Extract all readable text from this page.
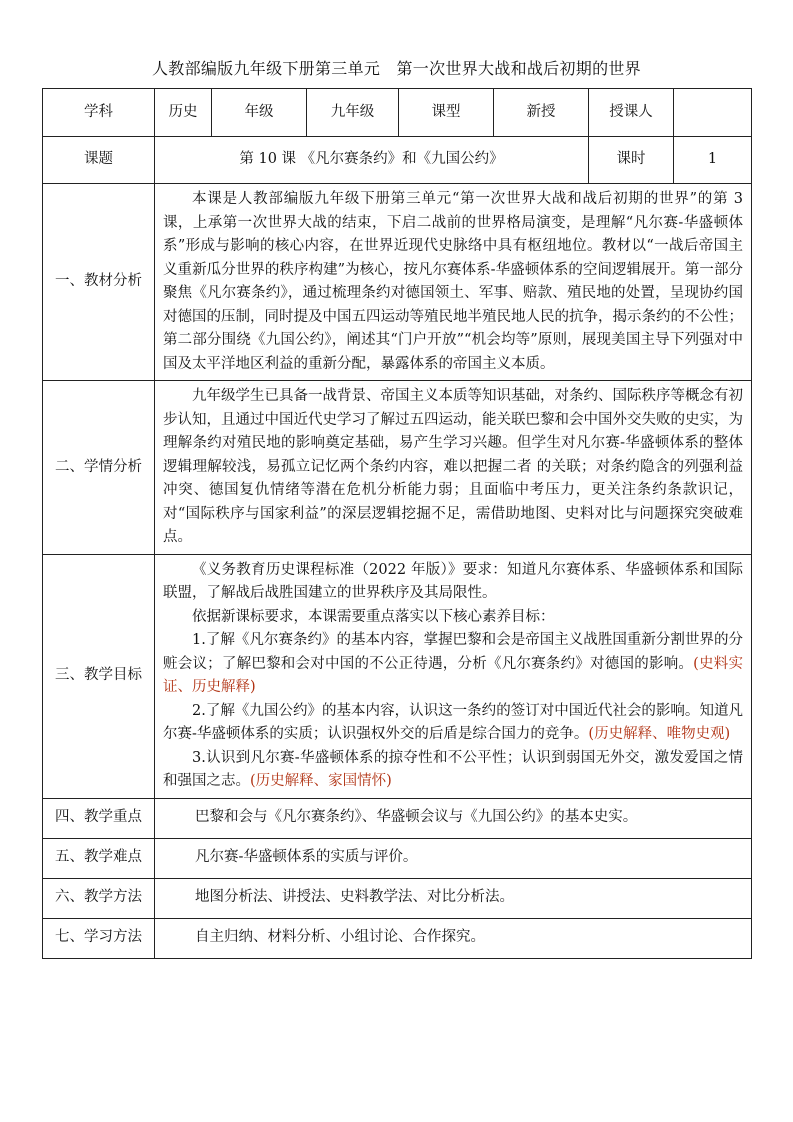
人教部编版九年级下册第三单元　第一次世界大战和战后初期的世界
学科	历史	年级	九年级	课型	新授	授课人	
课题	第 10 课 《凡尔赛条约》和《九国公约》					课时	1
一、教材分析	本课是人教部编版九年级下册第三单元“第一次世界大战和战后初期的世界”的第 3 课，上承第一次世界大战的结束，下启二战前的世界格局演变，是理解“凡尔赛-华盛顿体系”形成与影响的核心内容，在世界近现代史脉络中具有枢纽地位。教材以“一战后帝国主义重新瓜分世界的秩序构建”为核心，按凡尔赛体系-华盛顿体系的空间逻辑展开。第一部分聚焦《凡尔赛条约》，通过梳理条约对德国领土、军事、赔款、殖民地的处置，呈现协约国对德国的压制，同时提及中国五四运动等殖民地半殖民地人民的抗争，揭示条约的不公性；第二部分围绕《九国公约》，阐述其“门户开放”“机会均等”原则，展现美国主导下列强对中国及太平洋地区利益的重新分配，暴露体系的帝国主义本质。						

二、学情分析	九年级学生已具备一战背景、帝国主义本质等知识基础，对条约、国际秩序等概念有初步认知，且通过中国近代史学习了解过五四运动，能关联巴黎和会中国外交失败的史实，为理解条约对殖民地的影响奠定基础，易产生学习兴趣。但学生对凡尔赛-华盛顿体系的整体逻辑理解较浅，易孤立记忆两个条约内容，难以把握二者 的关联；对条约隐含的列强利益冲突、德国复仇情绪等潜在危机分析能力弱；且面临中考压力，更关注条约条款识记，对“国际秩序与国家利益”的深层逻辑挖掘不足，需借助地图、史料对比与问题探究突破难点。						

三、教学目标	《义务教育历史课程标准（2022 年版）》要求：知道凡尔赛体系、华盛顿体系和国际联盟，了解战后战胜国建立的世界秩序及其局限性。

依据新课标要求，本课需要重点落实以下核心素养目标：

1.了解《凡尔赛条约》的基本内容，掌握巴黎和会是帝国主义战胜国重新分割世界的分赃会议；了解巴黎和会对中国的不公正待遇，分析《凡尔赛条约》对德国的影响。(史料实证、历史解释)

2.了解《九国公约》的基本内容，认识这一条约的签订对中国近代社会的影响。知道凡尔赛-华盛顿体系的实质；认识强权外交的后盾是综合国力的竞争。(历史解释、唯物史观)

3.认识到凡尔赛-华盛顿体系的掠夺性和不公平性；认识到弱国无外交，激发爱国之情和强国之志。(历史解释、家国情怀)						

四、教学重点	巴黎和会与《凡尔赛条约》、华盛顿会议与《九国公约》的基本史实。						
五、教学难点	凡尔赛-华盛顿体系的实质与评价。						
六、教学方法	地图分析法、讲授法、史料教学法、对比分析法。						
七、学习方法	自主归纳、材料分析、小组讨论、合作探究。						
